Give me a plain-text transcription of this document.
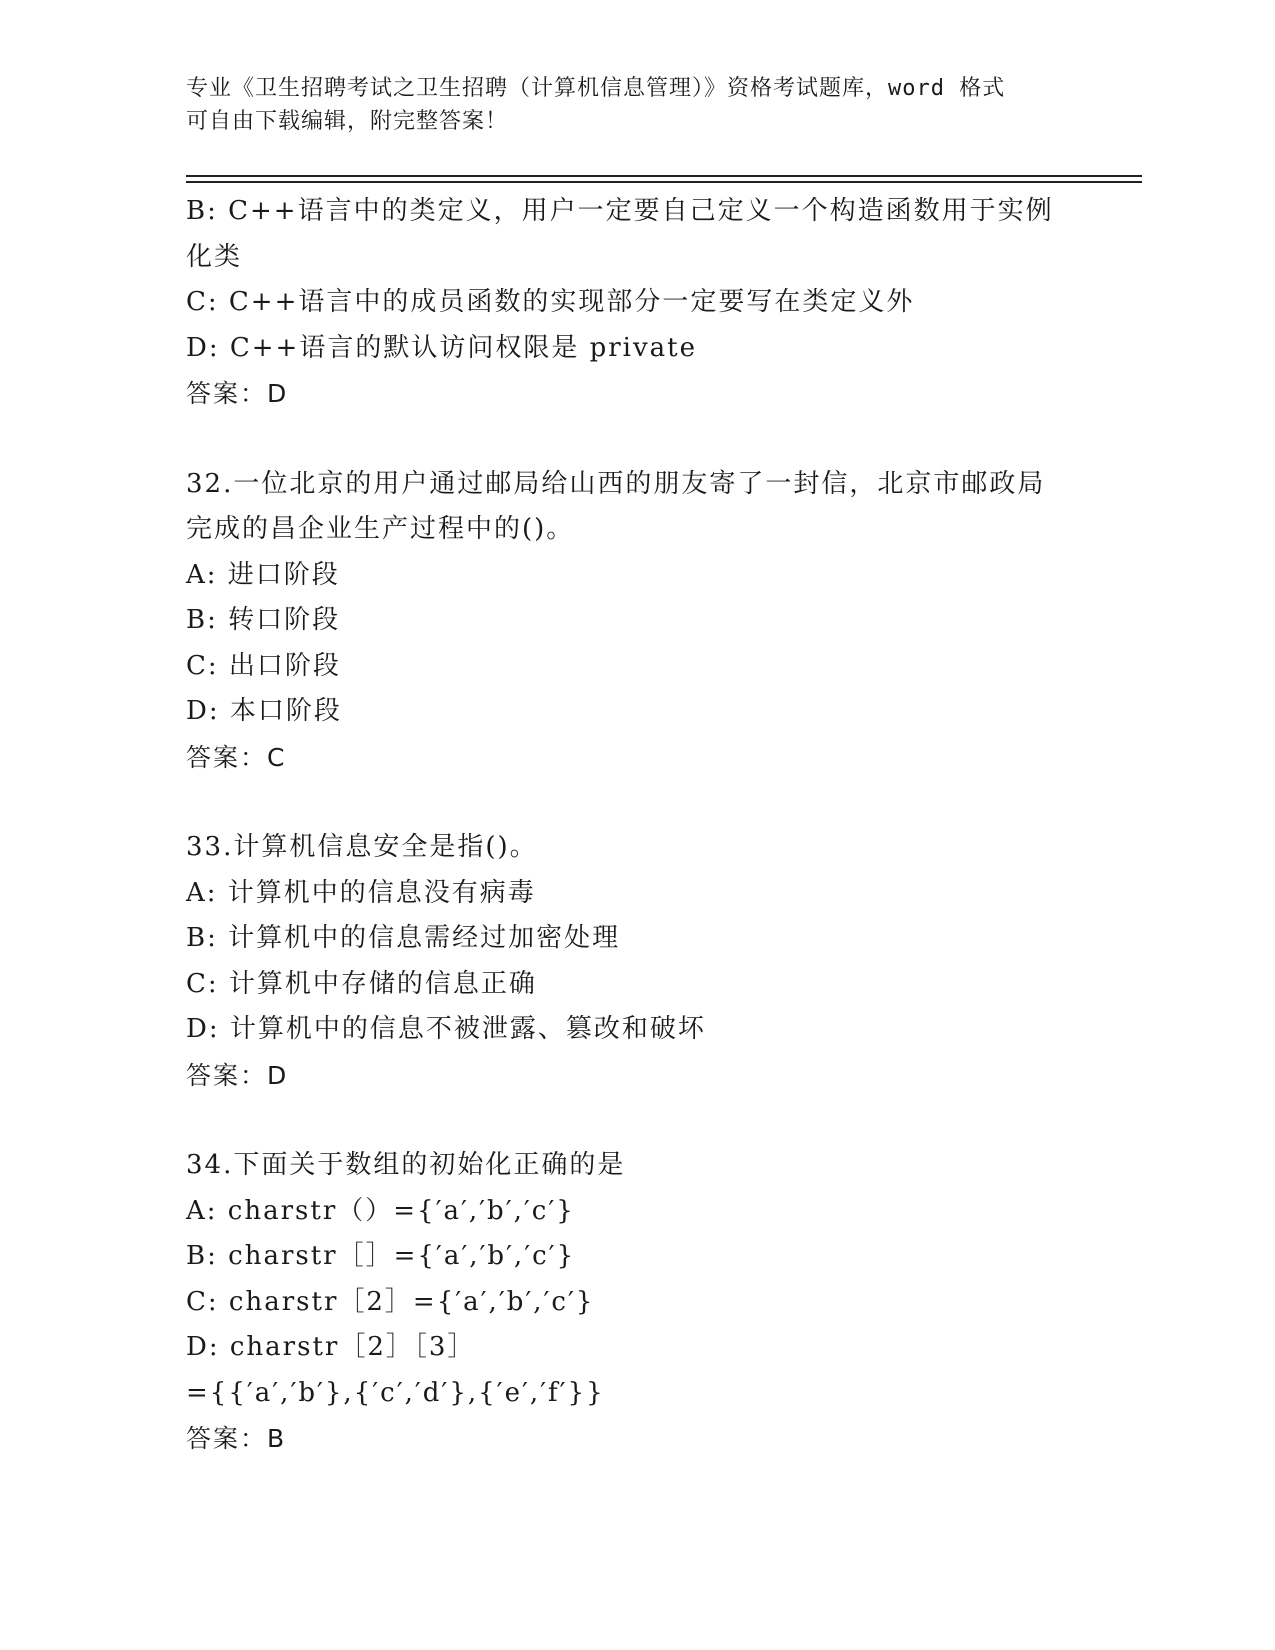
专业《卫生招聘考试之卫生招聘（计算机信息管理）》资格考试题库，word 格式
可自由下载编辑，附完整答案！
B: C++语言中的类定义，用户一定要自己定义一个构造函数用于实例
化类
C: C++语言中的成员函数的实现部分一定要写在类定义外
D: C++语言的默认访问权限是 private
答案：D
32.一位北京的用户通过邮局给山西的朋友寄了一封信，北京市邮政局
完成的昌企业生产过程中的()。
A: 进口阶段
B: 转口阶段
C: 出口阶段
D: 本口阶段
答案：C
33.计算机信息安全是指()。
A: 计算机中的信息没有病毒
B: 计算机中的信息需经过加密处理
C: 计算机中存储的信息正确
D: 计算机中的信息不被泄露、篡改和破坏
答案：D
34.下面关于数组的初始化正确的是
A: charstr（）={′a′,′b′,′c′}
B: charstr［］={′a′,′b′,′c′}
C: charstr［2］={′a′,′b′,′c′}
D: charstr［2］［3］
={{′a′,′b′},{′c′,′d′},{′e′,′f′}}
答案：B
